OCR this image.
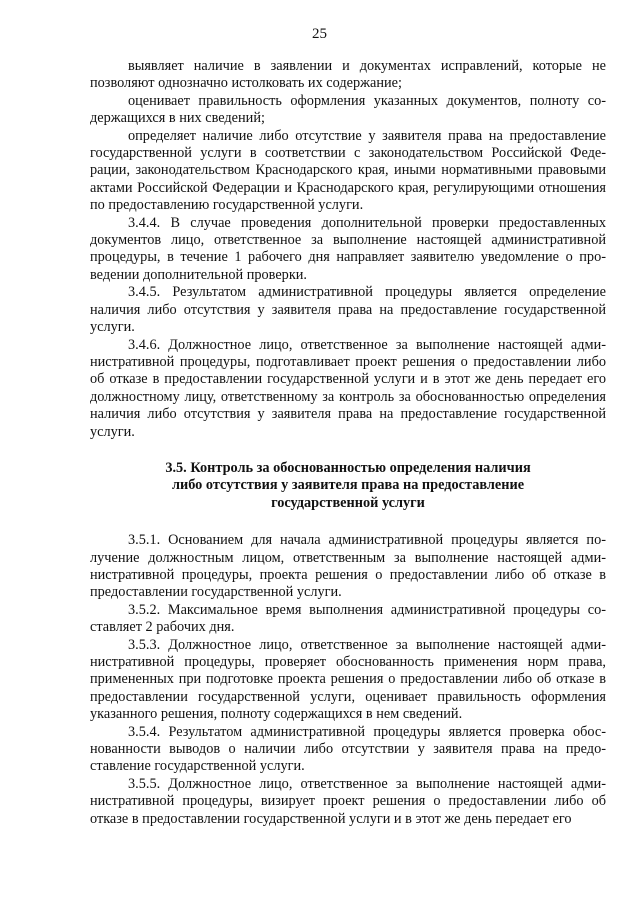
25

выявляет наличие в заявлении и документах исправлений, которые не позволяют однозначно истолковать их содержание;

оценивает правильность оформления указанных документов, полноту содержащихся в них сведений;

определяет наличие либо отсутствие у заявителя права на предоставление государственной услуги в соответствии с законодательством Российской Федерации, законодательством Краснодарского края, иными нормативными правовыми актами Российской Федерации и Краснодарского края, регулирующими отношения по предоставлению государственной услуги.

3.4.4. В случае проведения дополнительной проверки предоставленных документов лицо, ответственное за выполнение настоящей административной процедуры, в течение 1 рабочего дня направляет заявителю уведомление о проведении дополнительной проверки.

3.4.5. Результатом административной процедуры является определение наличия либо отсутствия у заявителя права на предоставление государственной услуги.

3.4.6. Должностное лицо, ответственное за выполнение настоящей административной процедуры, подготавливает проект решения о предоставлении либо об отказе в предоставлении государственной услуги и в этот же день передает его должностному лицу, ответственному за контроль за обоснованностью определения наличия либо отсутствия у заявителя права на предоставление государственной услуги.

3.5. Контроль за обоснованностью определения наличия
либо отсутствия у заявителя права на предоставление
государственной услуги

3.5.1. Основанием для начала административной процедуры является получение должностным лицом, ответственным за выполнение настоящей административной процедуры, проекта решения о предоставлении либо об отказе в предоставлении государственной услуги.

3.5.2. Максимальное время выполнения административной процедуры составляет 2 рабочих дня.

3.5.3. Должностное лицо, ответственное за выполнение настоящей административной процедуры, проверяет обоснованность применения норм права, примененных при подготовке проекта решения о предоставлении либо об отказе в предоставлении государственной услуги, оценивает правильность оформления указанного решения, полноту содержащихся в нем сведений.

3.5.4. Результатом административной процедуры является проверка обоснованности выводов о наличии либо отсутствии у заявителя права на предоставление государственной услуги.

3.5.5. Должностное лицо, ответственное за выполнение настоящей административной процедуры, визирует проект решения о предоставлении либо об отказе в предоставлении государственной услуги и в этот же день передает его
